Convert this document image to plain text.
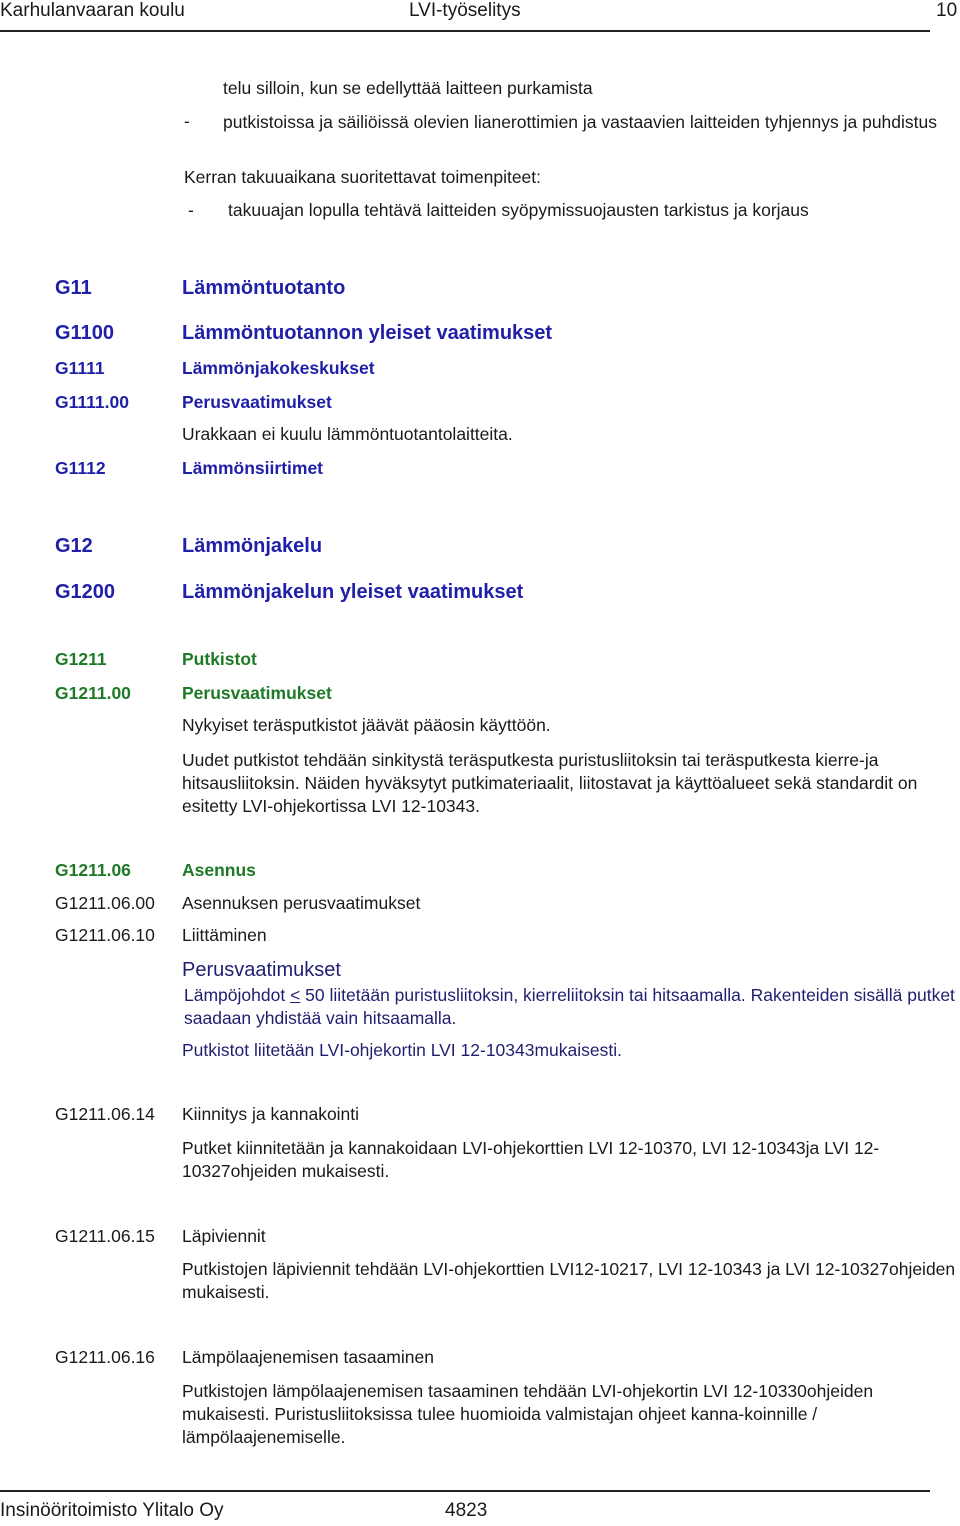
Karhulanvaaran koulu	LVI-työselitys	10
telu silloin, kun se edellyttää laitteen purkamista
- putkistoissa ja säiliöissä olevien lianerottimien ja vastaavien laitteiden tyhjennys ja puhdistus
Kerran takuuaikana suoritettavat toimenpiteet:
- takuuajan lopulla tehtävä laitteiden syöpymissuojausten tarkistus ja korjaus
G11	Lämmöntuotanto
G1100	Lämmöntuotannon yleiset vaatimukset
G1111	Lämmönjakokeskukset
G1111.00	Perusvaatimukset
Urakkaan ei kuulu lämmöntuotantolaitteita.
G1112	Lämmönsiirtimet
G12	Lämmönjakelu
G1200	Lämmönjakelun yleiset vaatimukset
G1211	Putkistot
G1211.00	Perusvaatimukset
Nykyiset teräsputkistot jäävät pääosin käyttöön.
Uudet putkistot tehdään sinkitystä teräsputkesta puristusliitoksin tai teräsputkesta kierre-ja hitsausliitoksin. Näiden hyväksytyt putkimateriaalit, liitostavat ja käyttöalueet sekä standardit on esitetty LVI-ohjekortissa LVI 12-10343.
G1211.06	Asennus
G1211.06.00 Asennuksen perusvaatimukset
G1211.06.10 Liittäminen
Perusvaatimukset
Lämpöjohdot ≤ 50 liitetään puristusliitoksin, kierreliitoksin tai hitsaamalla. Rakenteiden sisällä putket saadaan yhdistää vain hitsaamalla.
Putkistot liitetään LVI-ohjekortin LVI 12-10343mukaisesti.
G1211.06.14 Kiinnitys ja kannakointi
Putket kiinnitetään ja kannakoidaan LVI-ohjekorttien LVI 12-10370, LVI 12-10343ja LVI 12-10327ohjeiden mukaisesti.
G1211.06.15 Läpiviennit
Putkistojen läpiviennit tehdään LVI-ohjekorttien LVI12-10217, LVI 12-10343 ja LVI 12-10327ohjeiden mukaisesti.
G1211.06.16 Lämpölaajenemisen tasaaminen
Putkistojen lämpölaajenemisen tasaaminen tehdään LVI-ohjekortin LVI 12-10330ohjeiden mukaisesti. Puristusliitoksissa tulee huomioida valmistajan ohjeet kanna-koinnille / lämpölaajenemiselle.
Insinööritoimisto Ylitalo Oy	4823
